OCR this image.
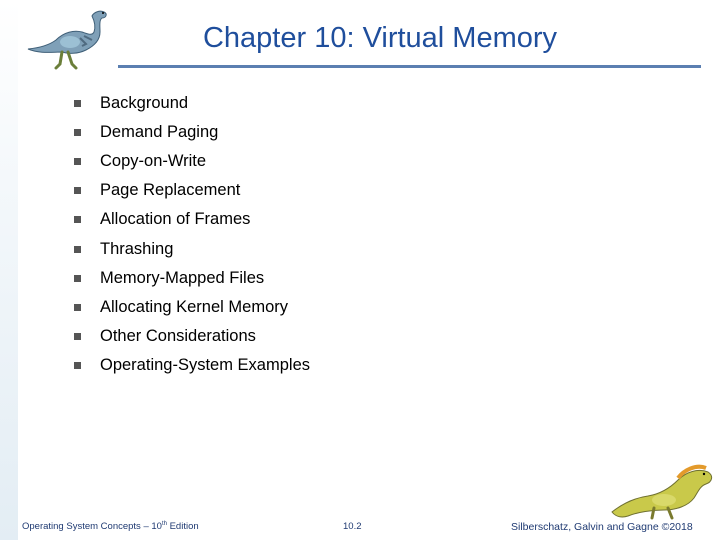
Chapter 10: Virtual Memory
Background
Demand Paging
Copy-on-Write
Page Replacement
Allocation of Frames
Thrashing
Memory-Mapped Files
Allocating Kernel Memory
Other Considerations
Operating-System Examples
Operating System Concepts – 10th Edition	10.2	Silberschatz, Galvin and Gagne ©2018
